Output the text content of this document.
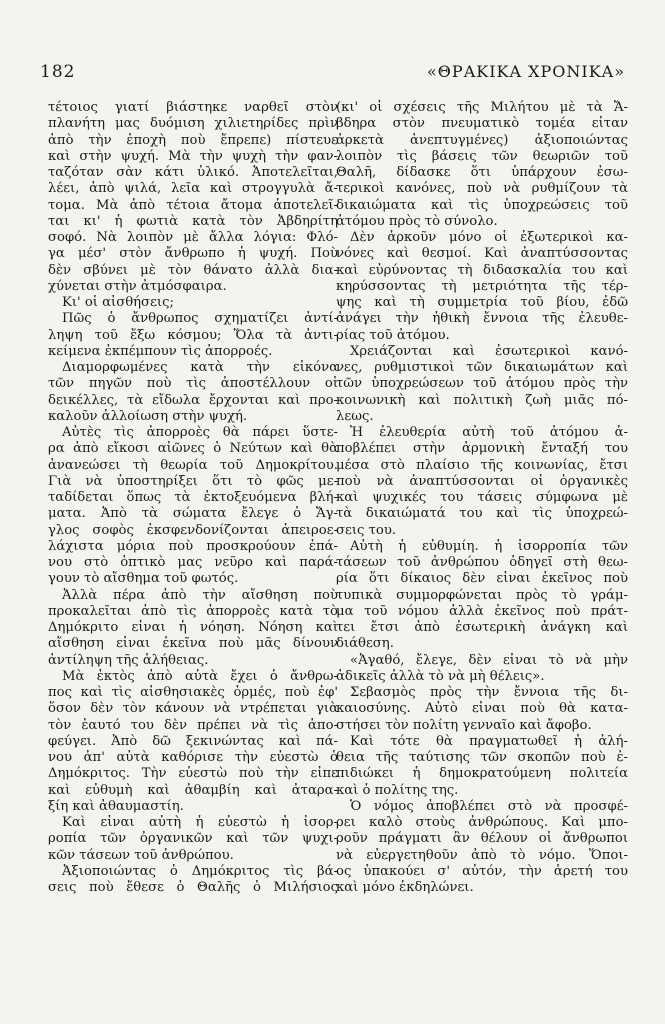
182	«ΘΡΑΚΙΚΑ ΧΡΟΝΙΚΑ»
τέτοιος γιατί βιάστηκε ναρθεῖ στὸν
πλανήτη μας δυόμιση χιλιετηρίδες πρὶν
ἀπὸ τὴν ἐποχὴ ποὺ ἔπρεπε) πίστευε
καὶ στὴν ψυχή. Μὰ τὴν ψυχὴ τὴν φαν-
ταζόταν σὰν κάτι ὑλικό. Ἀποτελεῖται,
λέει, ἀπὸ ψιλά, λεῖα καὶ στρογγυλὰ ἄ-
τομα. Μὰ ἀπὸ τέτοια ἄτομα ἀποτελεῖ-
ται κι' ἡ φωτιὰ κατὰ τὸν Ἀβδηρίτη
σοφό. Νὰ λοιπὸν μὲ ἄλλα λόγια: Φλό-
γα μέσ' στὸν ἄνθρωπο ἡ ψυχή. Ποὺ
δὲν σβύνει μὲ τὸν θάνατο ἀλλὰ δια-
χύνεται στὴν ἀτμόσφαιρα.
Κι' οἱ αἰσθήσεις;
Πῶς ὁ ἄνθρωπος σχηματίζει ἀντί-
ληψη τοῦ ἔξω κόσμου; Ὅλα τὰ ἀντι-
κείμενα ἐκπέμπουν τὶς ἀπορροές.
Διαμορφωμένες κατὰ τὴν εἰκόνα
τῶν πηγῶν ποὺ τὶς ἀποστέλλουν οἱ
δεικέλλες, τὰ εἴδωλα ἔρχονται καὶ προ-
καλοῦν ἀλλοίωση στὴν ψυχή.
Αὐτὲς τὶς ἀπορροὲς θὰ πάρει ὕστε-
ρα ἀπὸ εἴκοσι αἰῶνες ὁ Νεύτων καὶ θὰ
ἀνανεώσει τὴ θεωρία τοῦ Δημοκρίτου.
Γιὰ νὰ ὑποστηρίξει ὅτι τὸ φῶς με-
ταδίδεται ὅπως τὰ ἐκτοξευόμενα βλή-
ματα. Ἀπὸ τὰ σώματα ἔλεγε ὁ Ἄγ-
γλος σοφὸς ἐκσφενδονίζονται ἀπειροε-
λάχιστα μόρια ποὺ προσκρούουν ἐπά-
νου στὸ ὀπτικὸ μας νεῦρο καὶ παρά-
γουν τὸ αἴσθημα τοῦ φωτός.
Ἀλλὰ πέρα ἀπὸ τὴν αἴσθηση ποὺ
προκαλεῖται ἀπὸ τὶς ἀπορροὲς κατὰ τὸ
Δημόκριτο εἶναι ἡ νόηση. Νόηση καὶ
αἴσθηση εἶναι ἐκεῖνα ποὺ μᾶς δίνουν
ἀντίληψη τῆς ἀλήθειας.
Μὰ ἐκτὸς ἀπὸ αὐτὰ ἔχει ὁ ἄνθρω-
πος καὶ τὶς αἰσθησιακὲς ὁρμές, ποὺ ἐφ'
ὅσον δὲν τὸν κάνουν νὰ ντρέπεται γιὰ
τὸν ἑαυτό του δὲν πρέπει νὰ τὶς ἀπο-
φεύγει. Ἀπὸ δῶ ξεκινώντας καὶ πά-
νου ἀπ' αὐτὰ καθόρισε τὴν εὐεστὼ ὁ
Δημόκριτος. Τὴν εὐεστὼ ποὺ τὴν εἶπε
καὶ εὐθυμὴ καὶ ἀθαμβίη καὶ ἀταρα-
ξίη καὶ ἀθαυμαστίη.
Καὶ εἶναι αὐτὴ ἡ εὐεστὼ ἡ ἰσορ-
ροπία τῶν ὀργανικῶν καὶ τῶν ψυχι-
κῶν τάσεων τοῦ ἀνθρώπου.
Ἀξιοποιώντας ὁ Δημόκριτος τὶς βά-
σεις ποὺ ἔθεσε ὁ Θαλῆς ὁ Μιλήσιος
(κι' οἱ σχέσεις τῆς Μιλήτου μὲ τὰ Ἄ-
βδηρα στὸν πνευματικὸ τομέα εἶταν
ἀρκετὰ ἀνεπτυγμένες) ἀξιοποιώντας
λοιπὸν τὶς βάσεις τῶν θεωριῶν τοῦ
Θαλῆ, δίδασκε ὅτι ὑπάρχουν ἐσω-
τερικοὶ κανόνες, ποὺ νὰ ρυθμίζουν τὰ
δικαιώματα καὶ τὶς ὑποχρεώσεις τοῦ
ἀτόμου πρὸς τὸ σύνολο.
Δὲν ἀρκοῦν μόνο οἱ ἐξωτερικοὶ κα-
νόνες καὶ θεσμοί. Καὶ ἀναπτύσσοντας
καὶ εὐρύνοντας τὴ διδασκαλία του καὶ
κηρύσσοντας τὴ μετριότητα τῆς τέρ-
ψης καὶ τὴ συμμετρία τοῦ βίου, ἐδῶ
ἀνάγει τὴν ἠθικὴ ἔννοια τῆς ἐλευθε-
ρίας τοῦ ἀτόμου.
Χρειάζονται καὶ ἐσωτερικοὶ κανό-
νες, ρυθμιστικοὶ τῶν δικαιωμάτων καὶ
τῶν ὑποχρεώσεων τοῦ ἀτόμου πρὸς τὴν
κοινωνικὴ καὶ πολιτικὴ ζωὴ μιᾶς πό-
λεως.
Ἡ ἐλευθερία αὐτὴ τοῦ ἀτόμου ἀ-
ποβλέπει στὴν ἁρμονικὴ ἔνταξή του
μέσα στὸ πλαίσιο τῆς κοινωνίας, ἔτσι
ποὺ νὰ ἀναπτύσσονται οἱ ὀργανικὲς
καὶ ψυχικές του τάσεις σύμφωνα μὲ
τὰ δικαιώματά του καὶ τὶς ὑποχρεώ-
σεις του.
Αὐτὴ ἡ εὐθυμίη. ἡ ἰσορροπία τῶν
τάσεων τοῦ ἀνθρώπου ὁδηγεῖ στὴ θεω-
ρία ὅτι δίκαιος δὲν εἶναι ἐκεῖνος ποὺ
τυπικὰ συμμορφώνεται πρὸς τὸ γράμ-
μα τοῦ νόμου ἀλλὰ ἐκεῖνος ποὺ πράτ-
τει ἔτσι ἀπὸ ἐσωτερικὴ ἀνάγκη καὶ
διάθεση.
«Ἀγαθό, ἔλεγε, δὲν εἶναι τὸ νὰ μὴν
ἀδικεῖς ἀλλὰ τὸ νὰ μὴ θέλεις».
Σεβασμὸς πρὸς τὴν ἔννοια τῆς δι-
καιοσύνης. Αὐτὸ εἶναι ποὺ θὰ κατα-
στήσει τὸν πολίτη γενναῖο καὶ ἄφοβο.
Καὶ τότε θὰ πραγματωθεῖ ἡ ἀλή-
θεια τῆς ταύτισης τῶν σκοπῶν ποὺ ἐ-
πιδιώκει ἡ δημοκρατούμενη πολιτεία
καὶ ὁ πολίτης της.
Ὁ νόμος ἀποβλέπει στὸ νὰ προσφέ-
ρει καλὸ στοὺς ἀνθρώπους. Καὶ μπο-
ροῦν πράγματι ἂν θέλουν οἱ ἄνθρωποι
νὰ εὐεργετηθοῦν ἀπὸ τὸ νόμο. Ὅποι-
ος ὑπακούει σ' αὐτόν, τὴν ἀρετή του
καὶ μόνο ἐκδηλώνει.
